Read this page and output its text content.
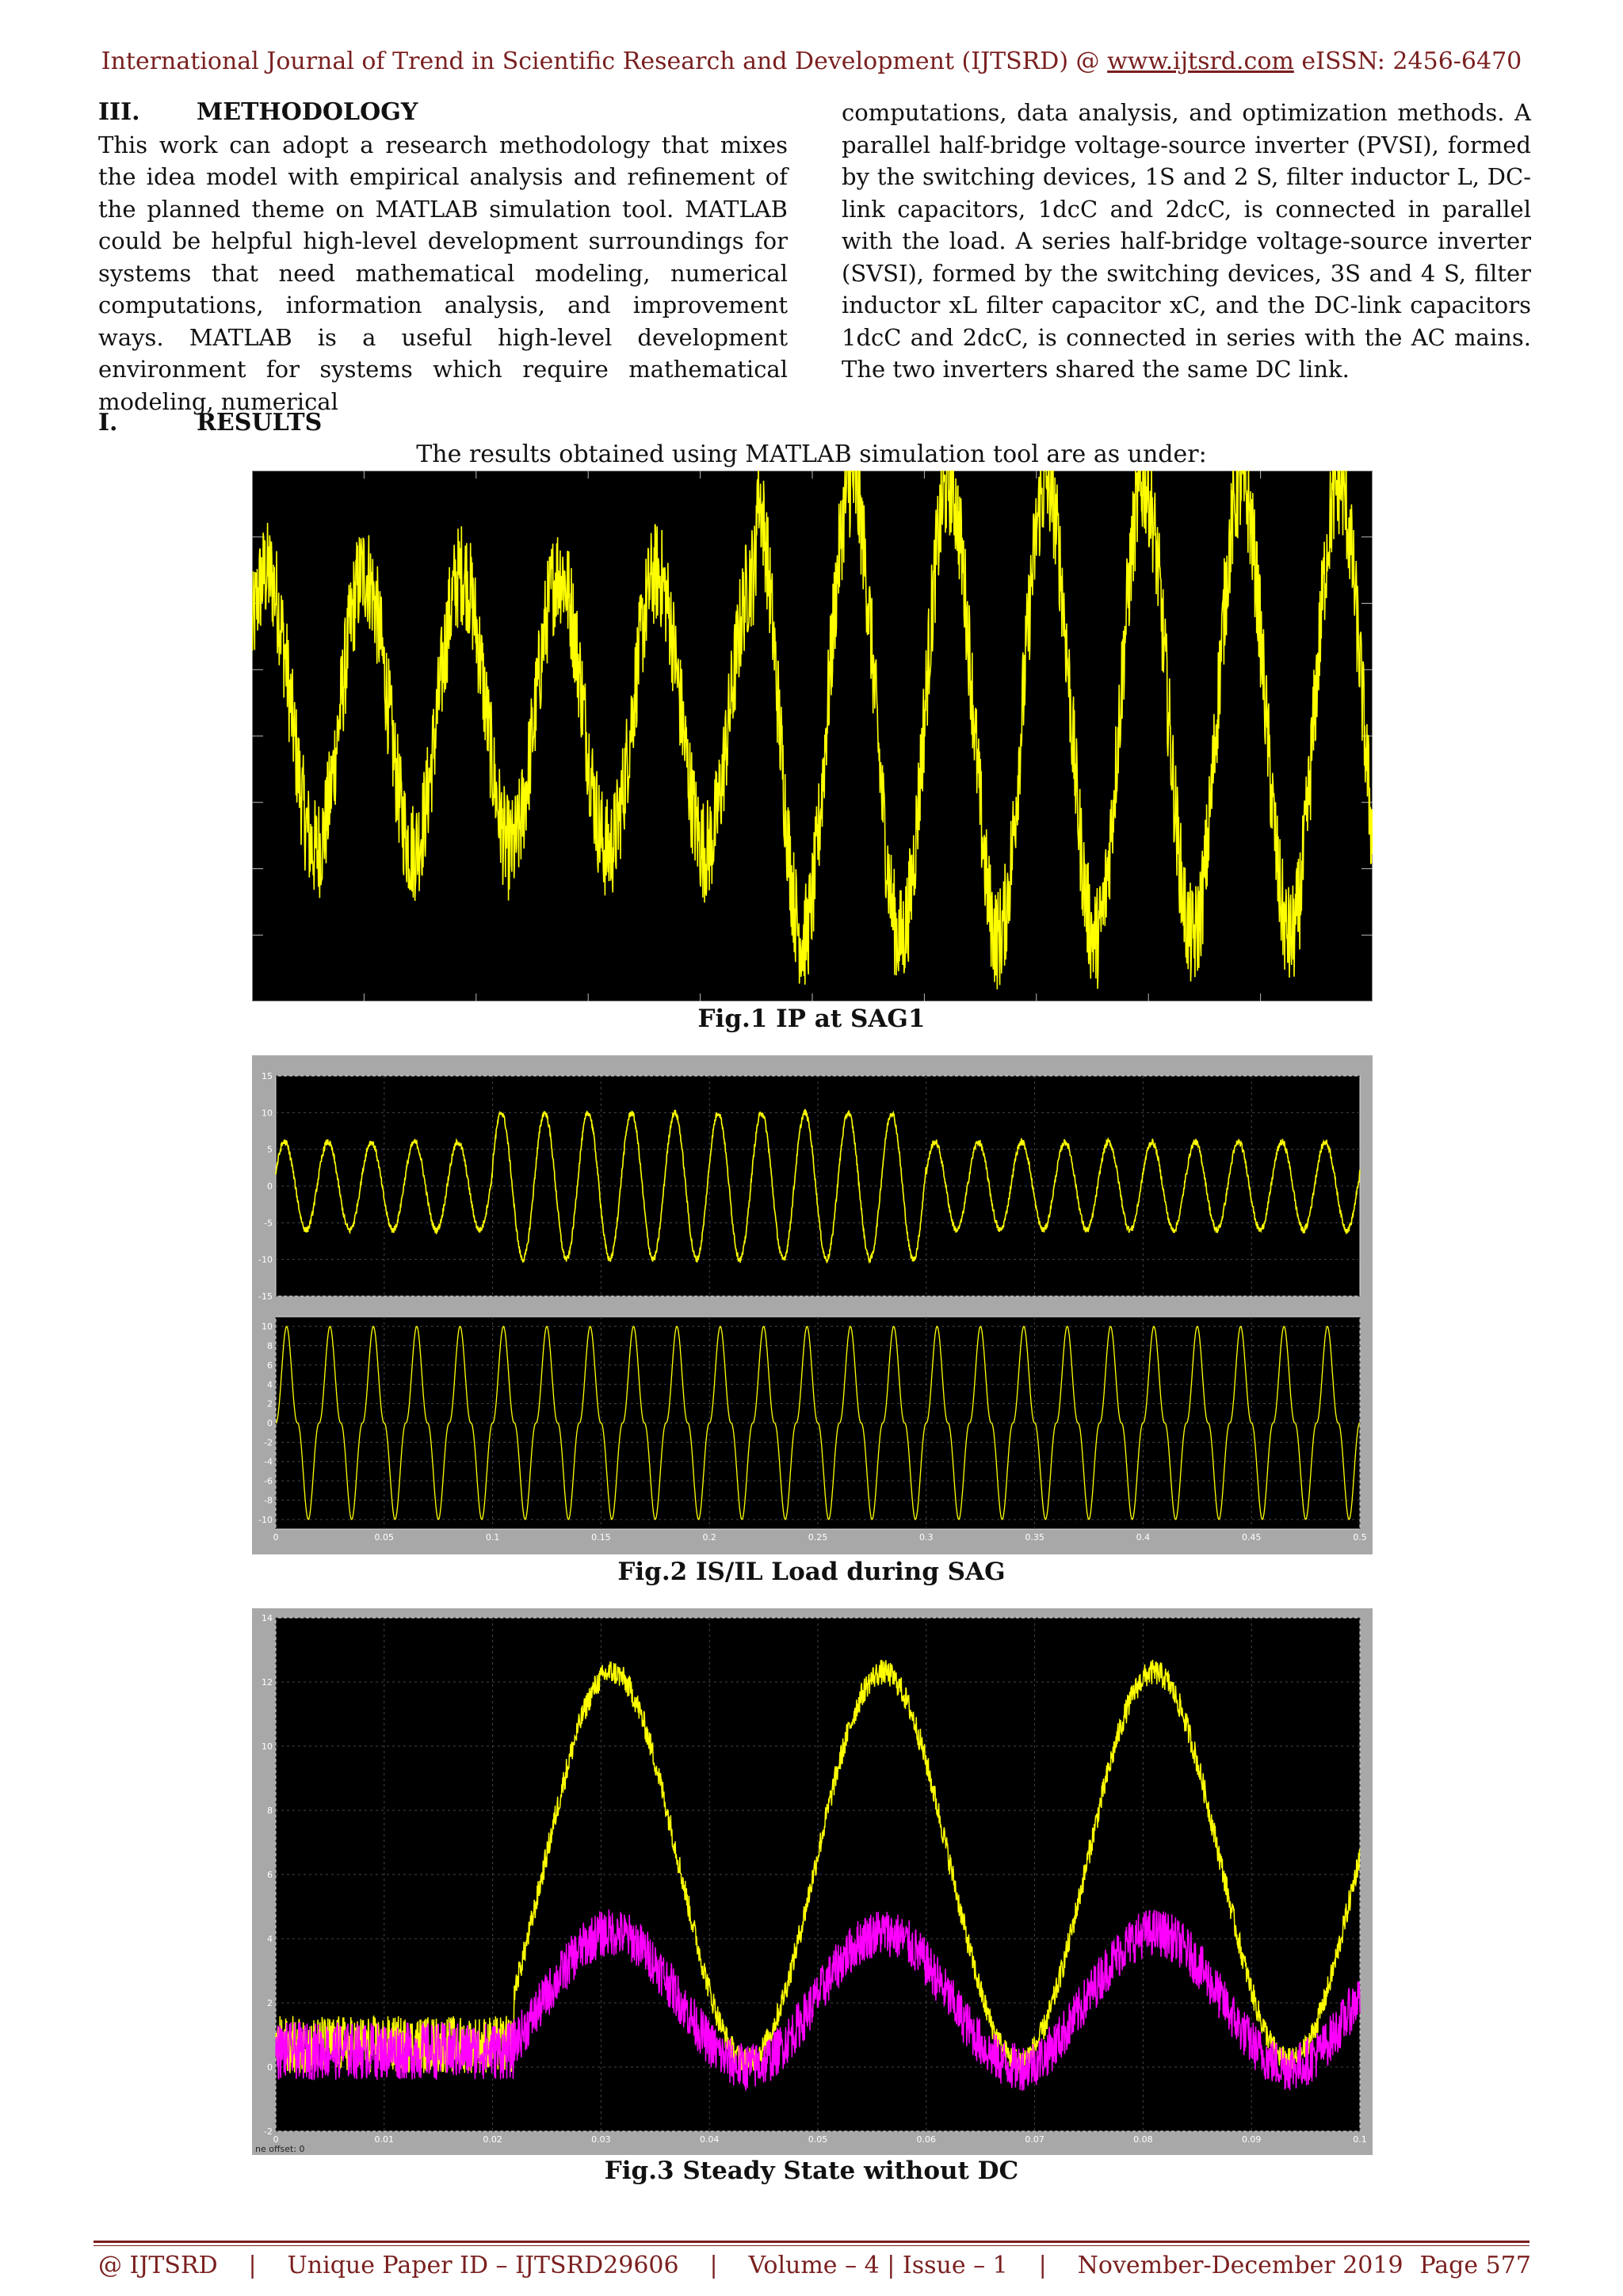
International Journal of Trend in Scientific Research and Development (IJTSRD) @ www.ijtsrd.com eISSN: 2456-6470
III. METHODOLOGY
This work can adopt a research methodology that mixes the idea model with empirical analysis and refinement of the planned theme on MATLAB simulation tool. MATLAB could be helpful high-level development surroundings for systems that need mathematical modeling, numerical computations, information analysis, and improvement ways. MATLAB is a useful high-level development environment for systems which require mathematical modeling, numerical
computations, data analysis, and optimization methods. A parallel half-bridge voltage-source inverter (PVSI), formed by the switching devices, 1S and 2 S, filter inductor L, DC-link capacitors, 1dcC and 2dcC, is connected in parallel with the load. A series half-bridge voltage-source inverter (SVSI), formed by the switching devices, 3S and 4 S, filter inductor xL filter capacitor xC, and the DC-link capacitors 1dcC and 2dcC, is connected in series with the AC mains. The two inverters shared the same DC link.
I.	RESULTS
The results obtained using MATLAB simulation tool are as under:
Fig.1 IP at SAG1
15
10
5
0
-5
-10
-15
10
8
6
4
2
0
-2
-4
-6
-8
-10
0	0.05	0.1	0.15	0.2	0.25	0.3	0.35	0.4	0.45	0.5
Fig.2 IS/IL Load during SAG
14
12
10
8
6
4
2
0
-2
0	0.01	0.02	0.03	0.04	0.05	0.06	0.07	0.08	0.09	0.1
ne offset: 0
Fig.3 Steady State without DC
@ IJTSRD	|	Unique Paper ID – IJTSRD29606	|	Volume – 4 | Issue – 1	|	November-December 2019 Page 577
